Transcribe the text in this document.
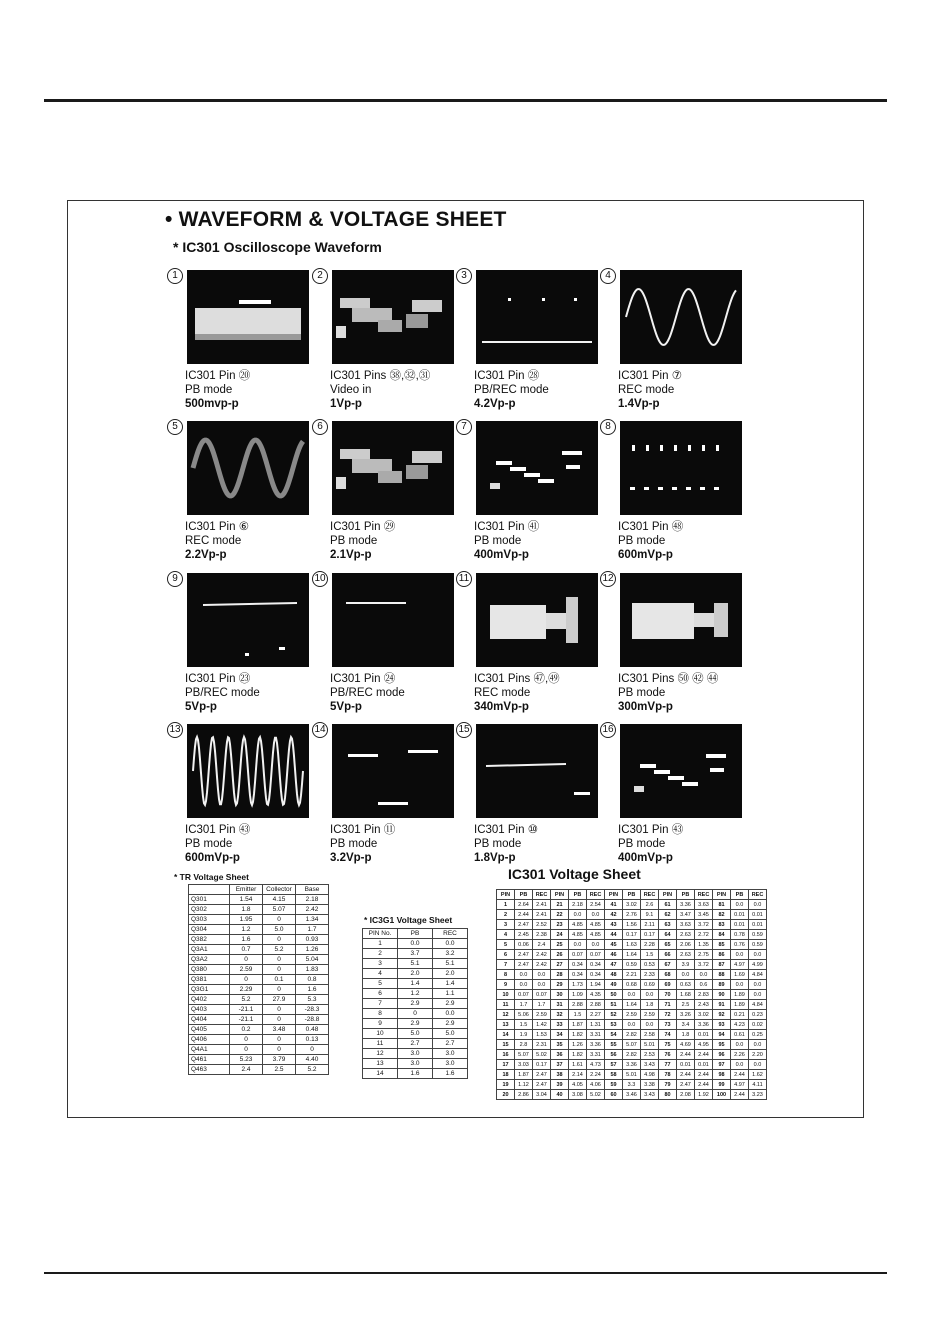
• WAVEFORM & VOLTAGE SHEET
* IC301 Oscilloscope Waveform
1
IC301 Pin ⑳
PB mode
500mvp-p
2
IC301 Pins ㊳,㉜,㉛
Video in
1Vp-p
3
IC301 Pin ㉘
PB/REC mode
4.2Vp-p
4
IC301 Pin ⑦
REC mode
1.4Vp-p
5
IC301 Pin ⑥
REC mode
2.2Vp-p
6
IC301 Pin ㉙
PB mode
2.1Vp-p
7
IC301 Pin ㊶
PB mode
400mVp-p
8
IC301 Pin ㊽
PB mode
600mVp-p
9
IC301 Pin ㉓
PB/REC mode
5Vp-p
10
IC301 Pin ㉔
PB/REC mode
5Vp-p
11
IC301 Pins ㊼,㊾
REC mode
340mVp-p
12
IC301 Pins ㊿ ㊷ ㊹
PB mode
300mVp-p
13
IC301 Pin ㊸
PB mode
600mVp-p
14
IC301 Pin ⑪
PB mode
3.2Vp-p
15
IC301 Pin ⑩
PB mode
1.8Vp-p
16
IC301 Pin ㊸
PB mode
400mVp-p
* TR Voltage Sheet
	Emitter	Collector	Base
Q301	1.54	4.15	2.18
Q302	1.8	5.07	2.42
Q303	1.95	0	1.34
Q304	1.2	5.0	1.7
Q382	1.6	0	0.93
Q3A1	0.7	5.2	1.26
Q3A2	0	0	5.04
Q380	2.59	0	1.83
Q381	0	0.1	0.8
Q3G1	2.29	0	1.6
Q402	5.2	27.9	5.3
Q403	-21.1	0	-28.3
Q404	-21.1	0	-28.8
Q405	0.2	3.48	0.48
Q406	0	0	0.13
Q4A1	0	0	0
Q461	5.23	3.79	4.40
Q463	2.4	2.5	5.2
* IC3G1 Voltage Sheet
PIN No.	PB	REC
1	0.0	0.0
2	3.7	3.2
3	5.1	5.1
4	2.0	2.0
5	1.4	1.4
6	1.2	1.1
7	2.9	2.9
8	0	0.0
9	2.9	2.9
10	5.0	5.0
11	2.7	2.7
12	3.0	3.0
13	3.0	3.0
14	1.6	1.6
IC301 Voltage Sheet
PIN	PB	REC	PIN	PB	REC	PIN	PB	REC	PIN	PB	REC	PIN	PB	REC
1	2.64	2.41	21	2.18	2.54	41	3.02	2.6	61	3.36	3.63	81	0.0	0.0
2	2.44	2.41	22	0.0	0.0	42	2.76	9.1	62	3.47	3.45	82	0.01	0.01
3	2.47	2.52	23	4.85	4.85	43	1.56	2.11	63	3.63	3.72	83	0.01	0.01
4	2.45	2.38	24	4.85	4.85	44	0.17	0.17	64	2.63	2.72	84	0.78	0.59
5	0.06	2.4	25	0.0	0.0	45	1.63	2.28	65	2.06	1.35	85	0.76	0.59
6	2.47	2.42	26	0.07	0.07	46	1.64	1.5	66	2.63	2.75	86	0.0	0.0
7	2.47	2.42	27	0.34	0.34	47	0.59	0.53	67	3.9	3.72	87	4.97	4.99
8	0.0	0.0	28	0.34	0.34	48	2.21	2.33	68	0.0	0.0	88	1.69	4.84
9	0.0	0.0	29	1.73	1.94	49	0.68	0.69	69	0.63	0.6	89	0.0	0.0
10	0.07	0.07	30	1.09	4.35	50	0.0	0.0	70	1.68	2.83	90	1.89	0.0
11	1.7	1.7	31	2.88	2.88	51	1.64	1.8	71	2.5	2.43	91	1.89	4.84
12	5.06	2.59	32	1.5	2.27	52	2.59	2.59	72	3.26	3.02	92	0.21	0.23
13	1.5	1.42	33	1.87	1.31	53	0.0	0.0	73	3.4	3.36	93	4.23	0.02
14	1.9	1.53	34	1.82	3.31	54	2.82	2.58	74	1.8	0.01	94	0.61	0.25
15	2.8	2.31	35	1.26	3.36	55	5.07	5.01	75	4.69	4.95	95	0.0	0.0
16	5.07	5.02	36	1.82	3.31	56	2.82	2.53	76	2.44	2.44	96	2.26	2.20
17	3.03	0.17	37	1.61	4.73	57	3.36	3.43	77	0.01	0.01	97	0.0	0.0
18	1.87	2.47	38	2.14	2.24	58	5.01	4.98	78	2.44	2.44	98	2.44	1.62
19	1.12	2.47	39	4.05	4.06	59	3.3	3.38	79	2.47	2.44	99	4.97	4.11
20	2.86	3.04	40	3.08	5.02	60	3.46	3.43	80	2.08	1.92	100	2.44	3.23
